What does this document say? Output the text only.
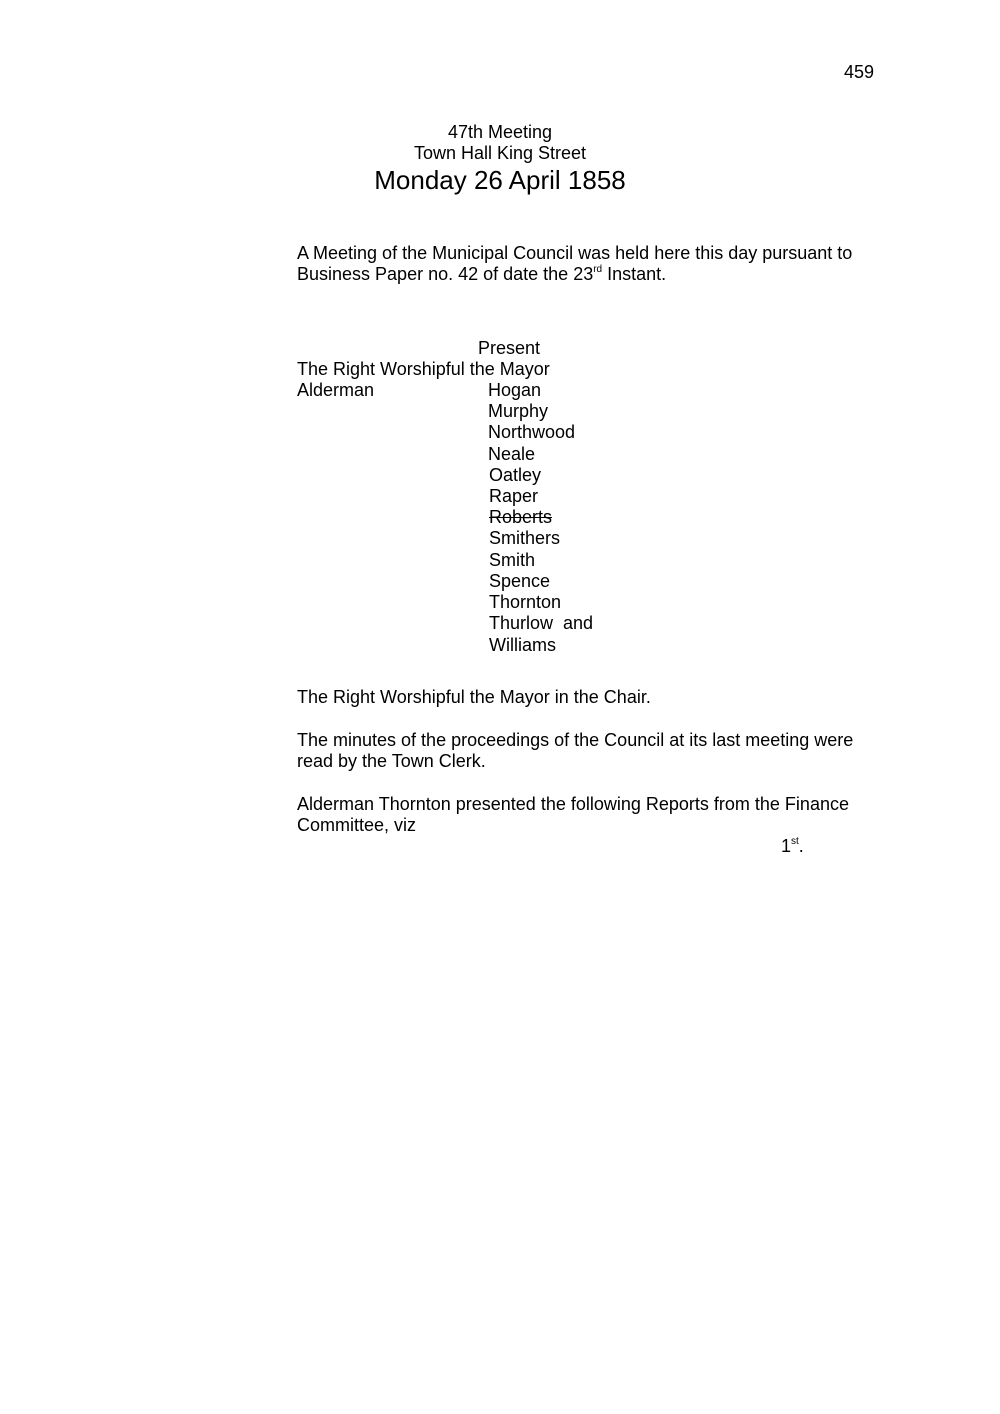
459
47th Meeting
Town Hall King Street
Monday 26 April 1858
A Meeting of the Municipal Council was held here this day pursuant to
Business Paper no. 42 of date the 23rd Instant.
Present
The Right Worshipful the Mayor
Alderman	Hogan
Murphy
Northwood
Neale
Oatley
Raper
Roberts
Smithers
Smith
Spence
Thornton
Thurlow  and
Williams
The Right Worshipful the Mayor in the Chair.
The minutes of the proceedings of the Council at its last meeting were
read by the Town Clerk.
Alderman Thornton presented the following Reports from the Finance
Committee, viz
1st.
